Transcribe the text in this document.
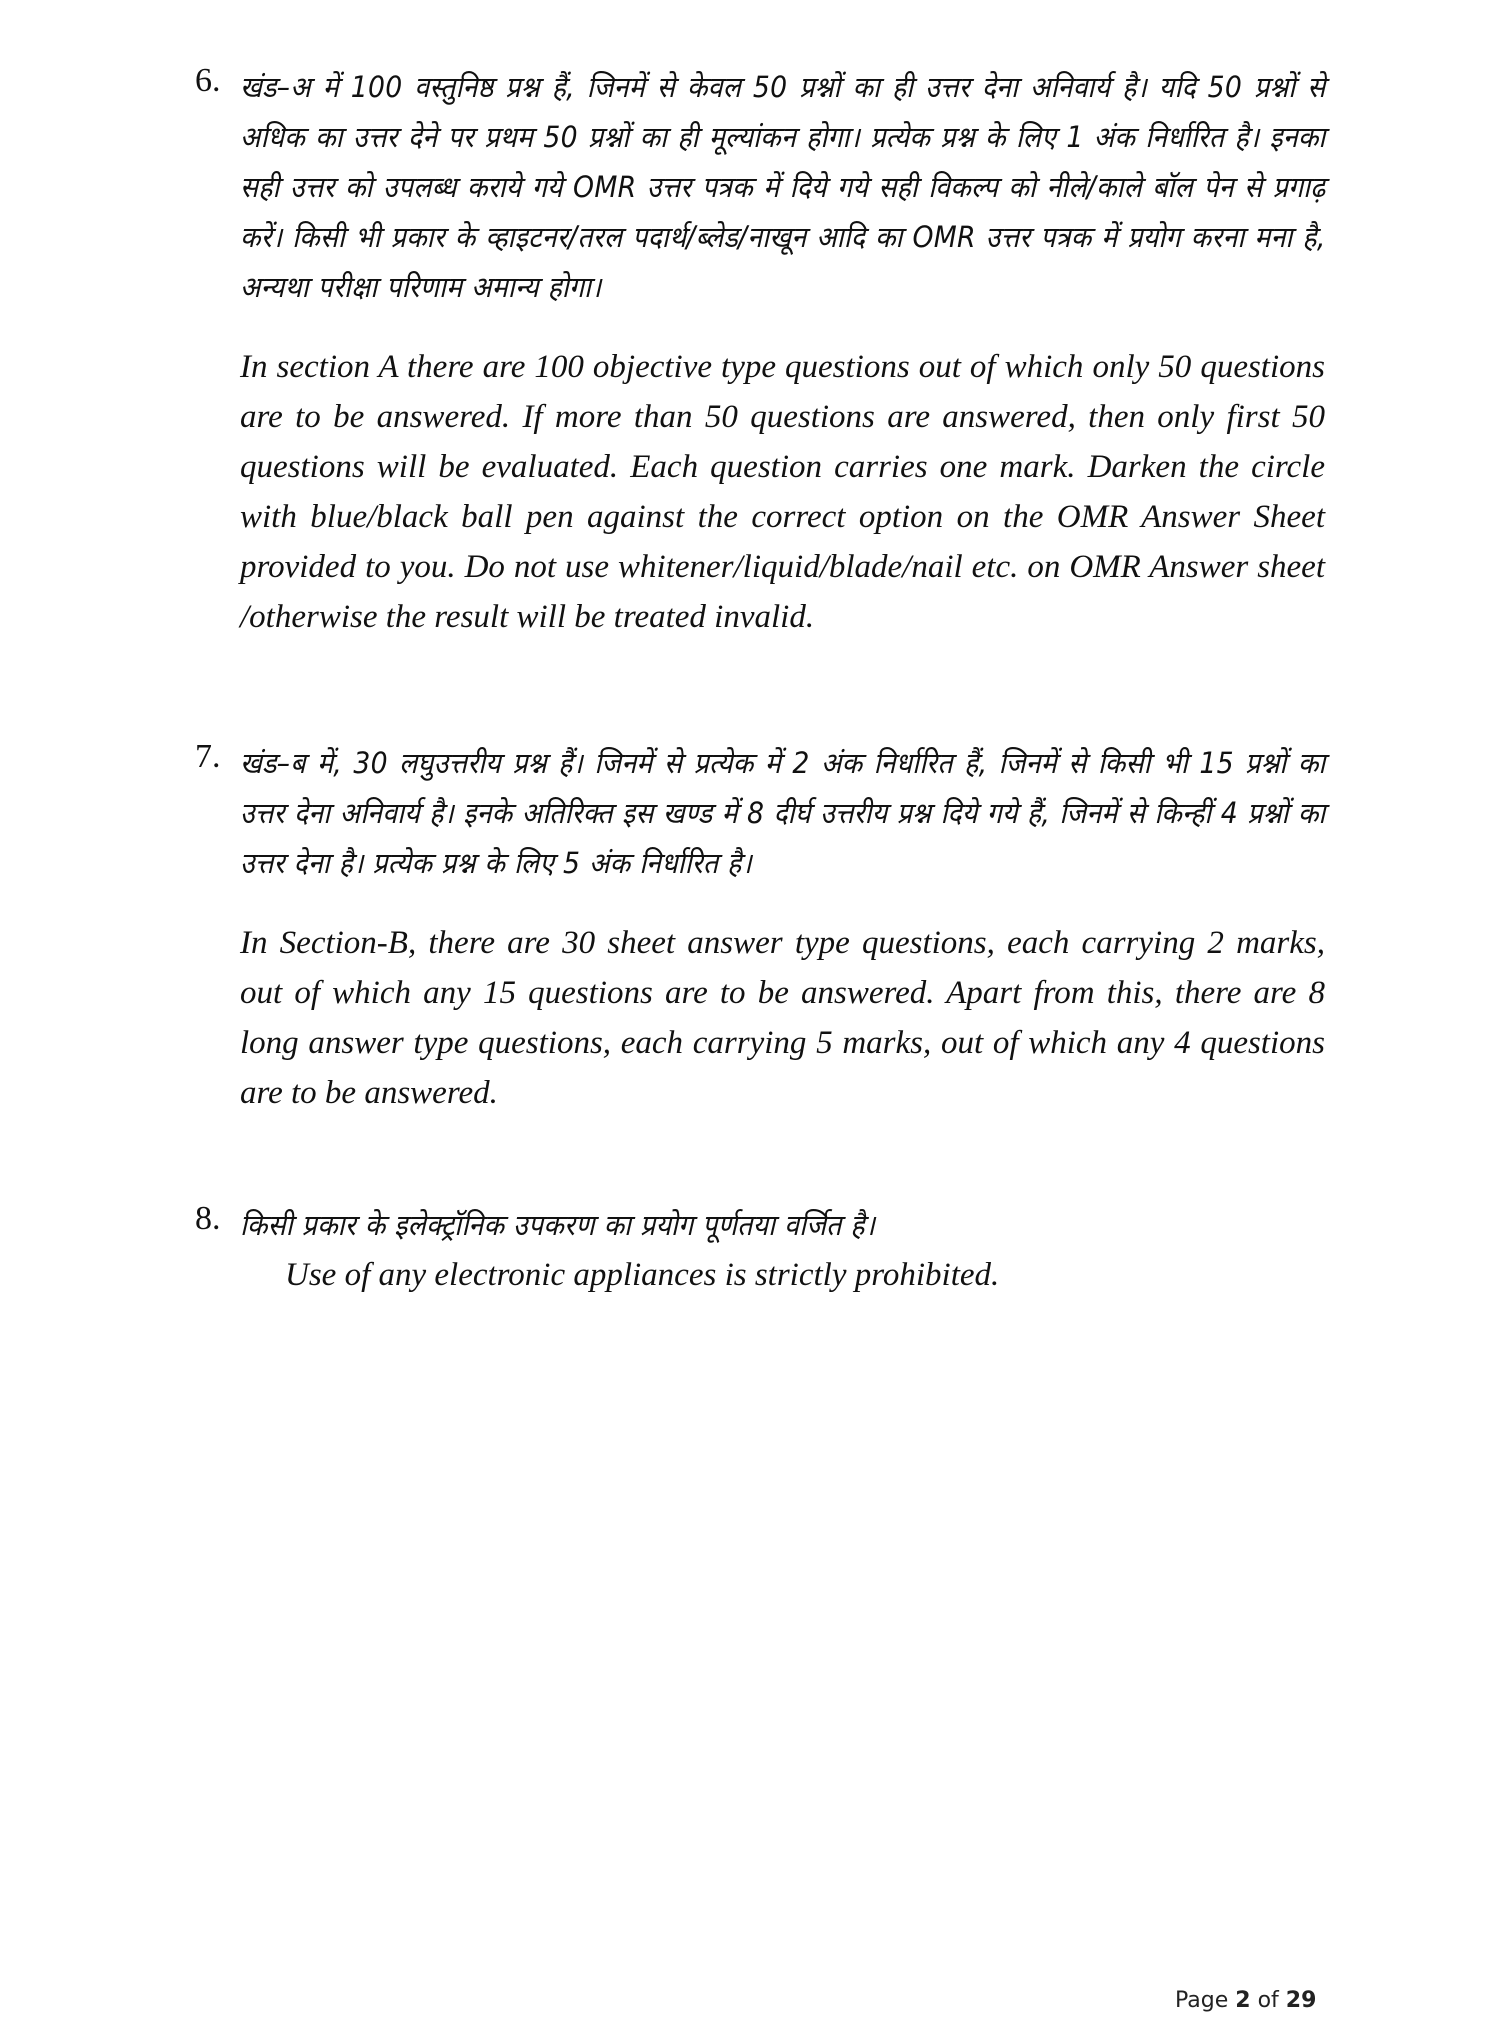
6. खंड–अ में 100 वस्तुनिष्ठ प्रश्न हैं, जिनमें से केवल 50 प्रश्नों का ही उत्तर देना अनिवार्य है। यदि 50 प्रश्नों से अधिक का उत्तर देने पर प्रथम 50 प्रश्नों का ही मूल्यांकन होगा। प्रत्येक प्रश्न के लिए 1 अंक निर्धारित है। इनका सही उत्तर को उपलब्ध कराये गये OMR उत्तर पत्रक में दिये गये सही विकल्प को नीले/काले बॉल पेन से प्रगाढ़ करें। किसी भी प्रकार के व्हाइटनर/तरल पदार्थ/ब्लेड/नाखून आदि का OMR उत्तर पत्रक में प्रयोग करना मना है, अन्यथा परीक्षा परिणाम अमान्य होगा।
In section A there are 100 objective type questions out of which only 50 questions are to be answered. If more than 50 questions are answered, then only first 50 questions will be evaluated. Each question carries one mark. Darken the circle with blue/black ball pen against the correct option on the OMR Answer Sheet provided to you. Do not use whitener/liquid/blade/nail etc. on OMR Answer sheet /otherwise the result will be treated invalid.
7. खंड–ब में, 30 लघुउत्तरीय प्रश्न हैं। जिनमें से प्रत्येक में 2 अंक निर्धारित हैं, जिनमें से किसी भी 15 प्रश्नों का उत्तर देना अनिवार्य है। इनके अतिरिक्त इस खण्ड में 8 दीर्घ उत्तरीय प्रश्न दिये गये हैं, जिनमें से किन्हीं 4 प्रश्नों का उत्तर देना है। प्रत्येक प्रश्न के लिए 5 अंक निर्धारित है।
In Section-B, there are 30 sheet answer type questions, each carrying 2 marks, out of which any 15 questions are to be answered. Apart from this, there are 8 long answer type questions, each carrying 5 marks, out of which any 4 questions are to be answered.
8. किसी प्रकार के इलेक्ट्रॉनिक उपकरण का प्रयोग पूर्णतया वर्जित है।
Use of any electronic appliances is strictly prohibited.
Page 2 of 29
